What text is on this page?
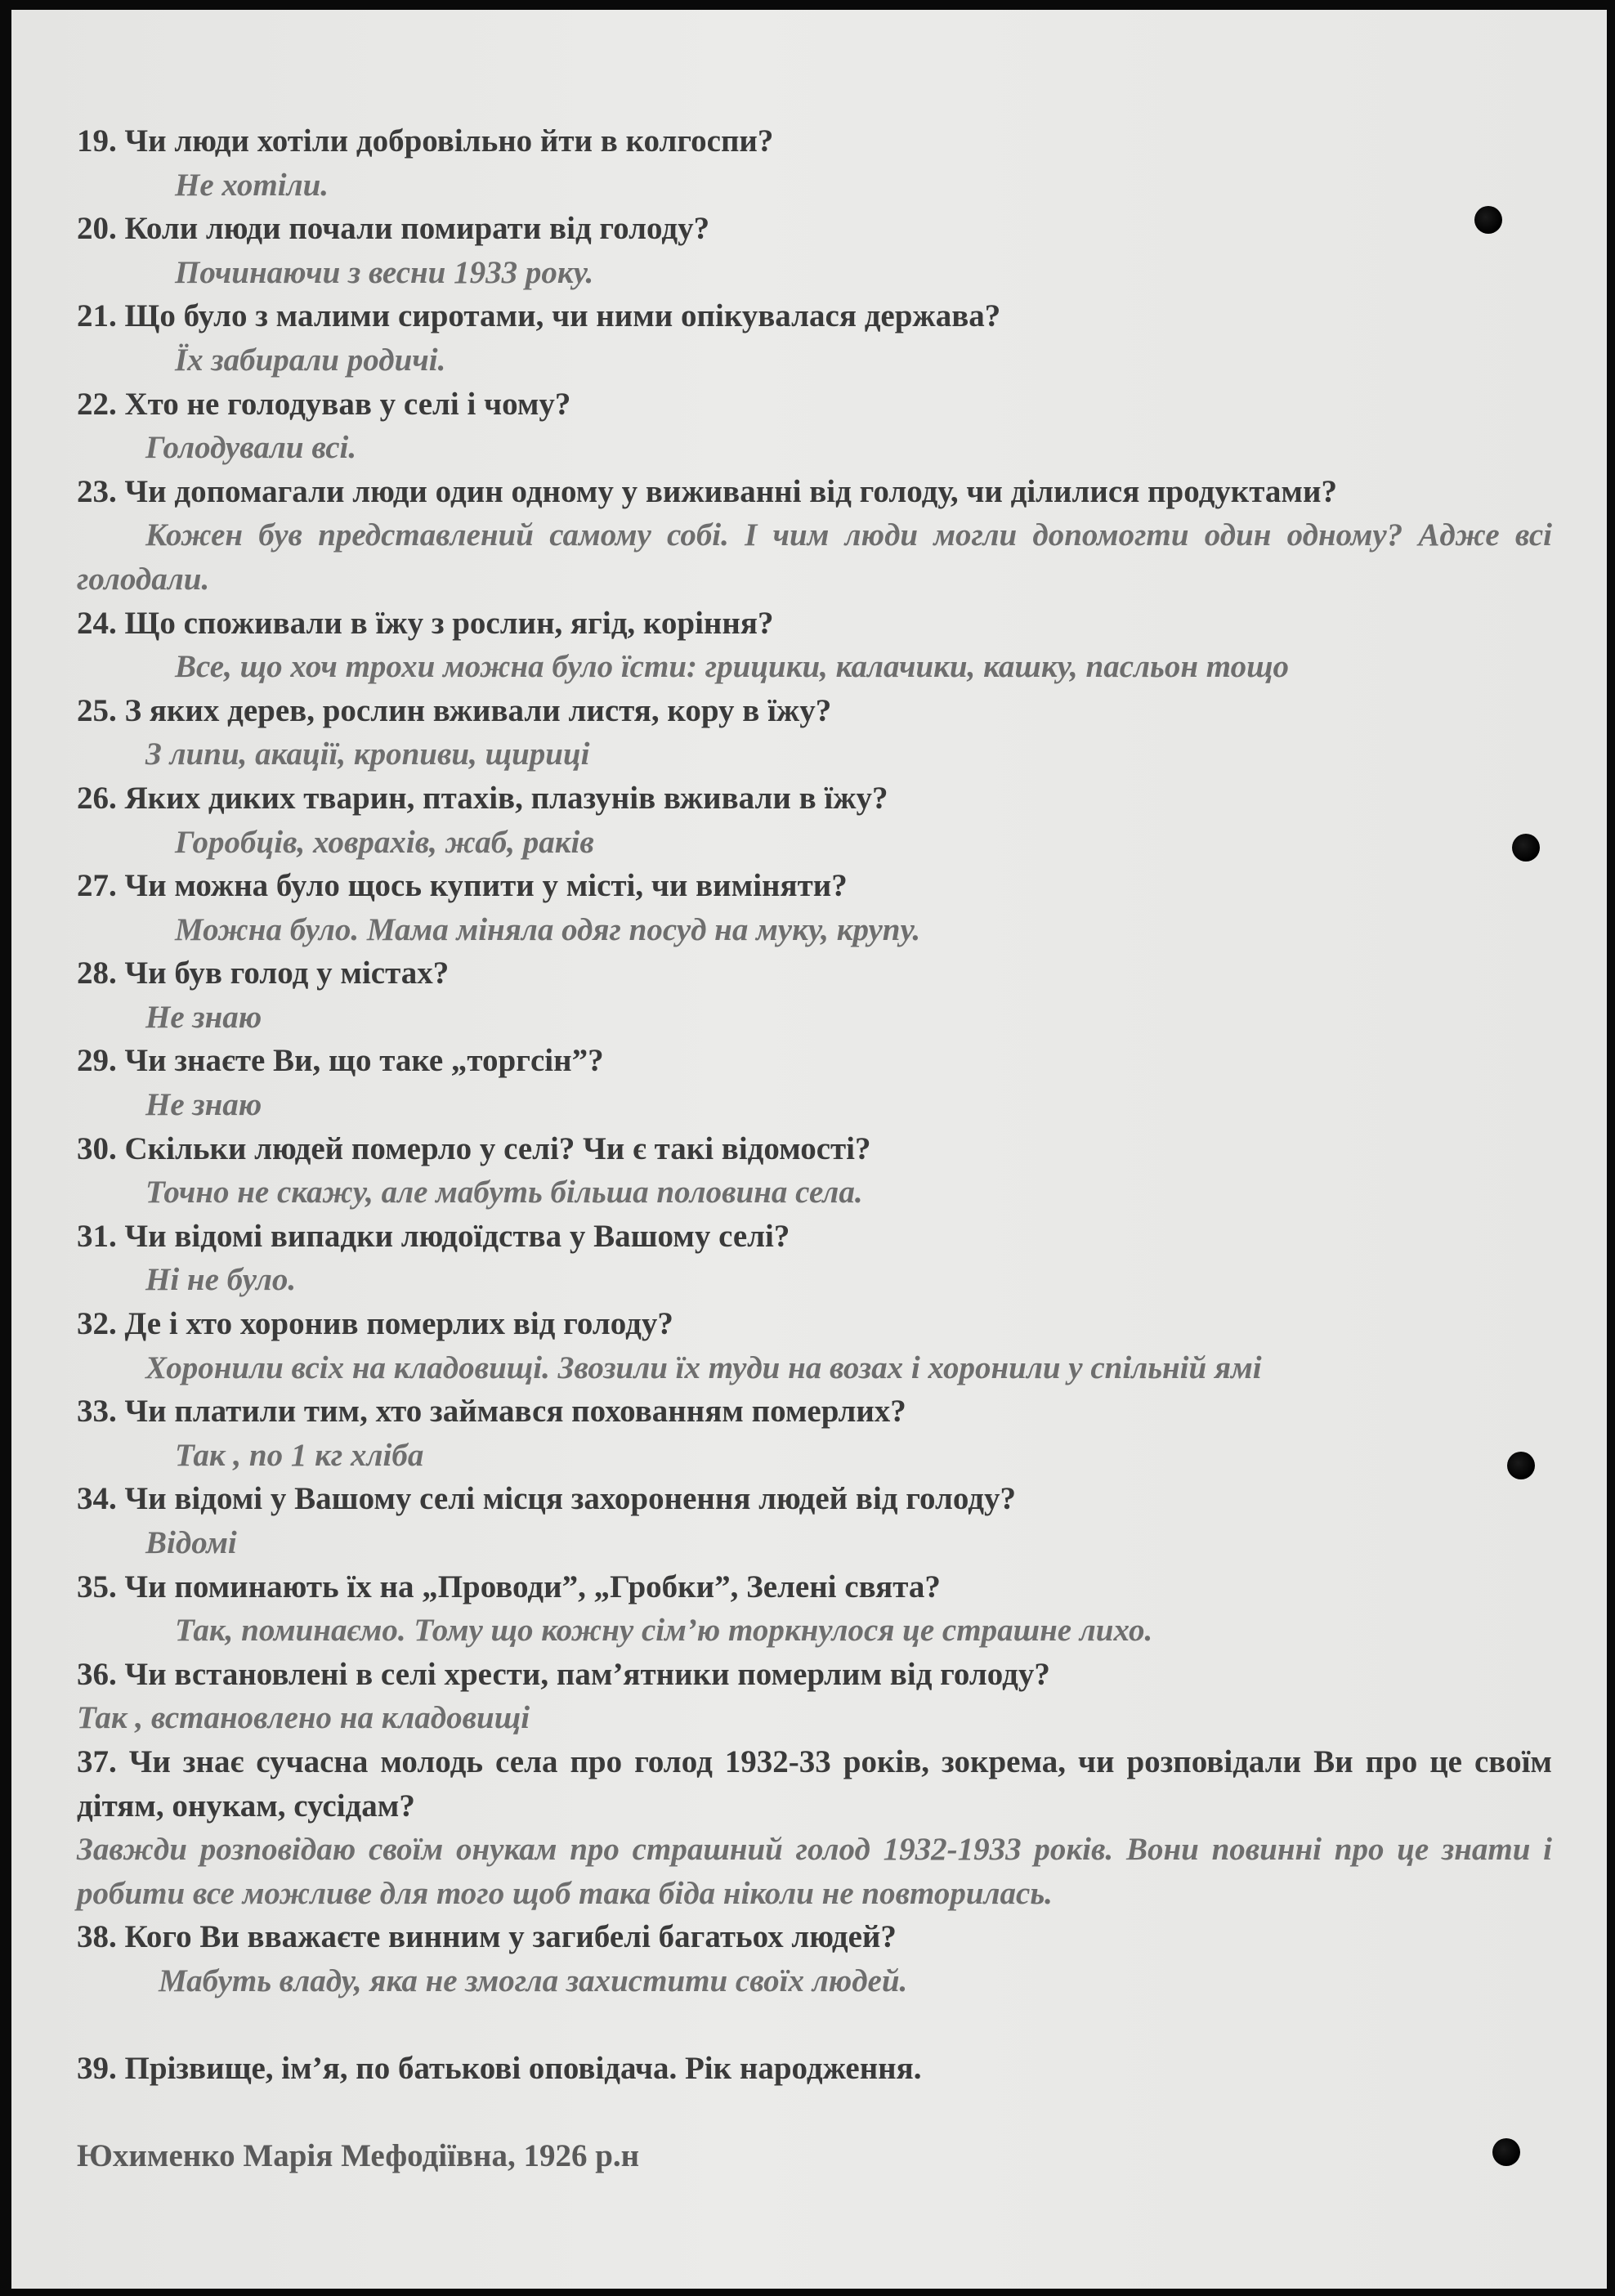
19. Чи люди хотіли добровільно йти в колгоспи?
Не хотіли.
20. Коли люди почали помирати від голоду?
Починаючи з весни 1933 року.
21. Що було з малими сиротами, чи ними опікувалася держава?
Їх забирали родичі.
22. Хто не голодував у селі і чому?
Голодували всі.
23. Чи допомагали люди один одному у виживанні від голоду, чи ділилися продуктами?
Кожен був представлений самому собі. І чим люди могли допомогти один одному? Адже всі голодали.
24. Що споживали в їжу з рослин, ягід, коріння?
Все, що хоч трохи можна було їсти: грицики, калачики, кашку, пасльон тощо
25. З яких дерев, рослин вживали листя, кору в їжу?
З липи, акації, кропиви, щириці
26. Яких диких тварин, птахів, плазунів вживали в їжу?
Горобців, ховрахів, жаб, раків
27. Чи можна було щось купити у місті, чи виміняти?
Можна було. Мама міняла одяг посуд на муку, крупу.
28. Чи був голод у містах?
Не знаю
29. Чи знаєте Ви, що таке „торгсін”?
Не знаю
30. Скільки людей померло у селі? Чи є такі відомості?
Точно не скажу, але мабуть більша половина села.
31. Чи відомі випадки людоїдства у Вашому селі?
Ні не було.
32. Де і хто хоронив померлих від голоду?
Хоронили всіх на кладовищі. Звозили їх туди на возах і хоронили у спільній ямі
33. Чи платили тим, хто займався похованням померлих?
Так , по 1 кг хліба
34. Чи відомі у Вашому селі місця захоронення людей від голоду?
Відомі
35. Чи поминають їх на „Проводи”, „Гробки”, Зелені свята?
Так, поминаємо. Тому що кожну сім’ю торкнулося це страшне лихо.
36. Чи встановлені в селі хрести, пам’ятники померлим від голоду?
Так , встановлено на кладовищі
37. Чи знає сучасна молодь села про голод 1932-33 років, зокрема, чи розповідали Ви про це своїм дітям, онукам, сусідам?
Завжди розповідаю своїм онукам про страшний голод 1932-1933 років. Вони повинні про це знати і робити все можливе для того щоб така біда ніколи не повторилась.
38. Кого Ви вважаєте винним у загибелі багатьох людей?
Мабуть владу, яка не змогла захистити своїх людей.
39. Прізвище, ім’я, по батькові оповідача. Рік народження.
Юхименко Марія Мефодіївна, 1926 р.н
